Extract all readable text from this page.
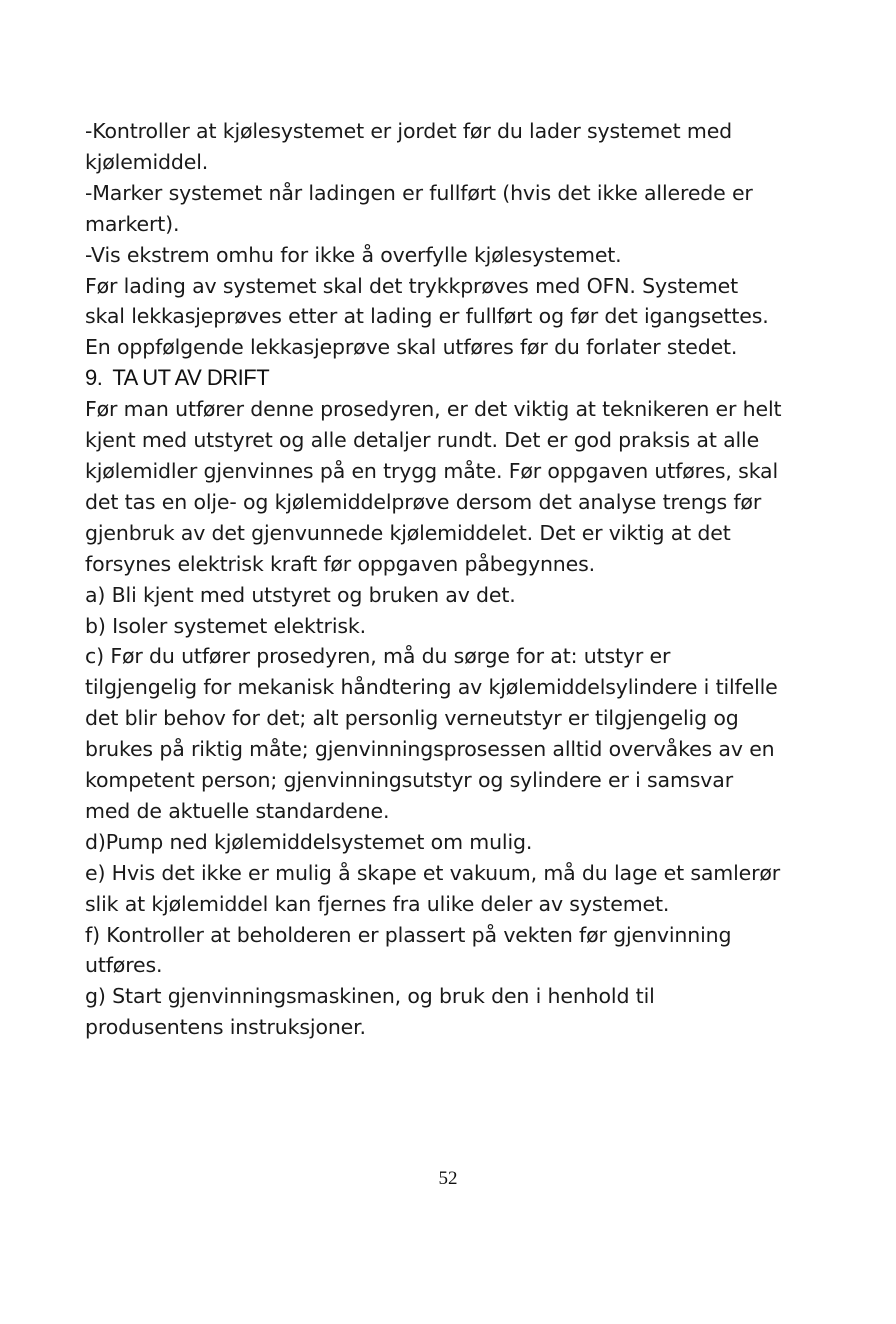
-Kontroller at kjølesystemet er jordet før du lader systemet med

kjølemiddel.

-Marker systemet når ladingen er fullført (hvis det ikke allerede er

markert).

-Vis ekstrem omhu for ikke å overfylle kjølesystemet.

Før lading av systemet skal det trykkprøves med OFN. Systemet

skal lekkasjeprøves etter at lading er fullført og før det igangsettes.

En oppfølgende lekkasjeprøve skal utføres før du forlater stedet.

9. TA UT AV DRIFT

Før man utfører denne prosedyren, er det viktig at teknikeren er helt

kjent med utstyret og alle detaljer rundt. Det er god praksis at alle

kjølemidler gjenvinnes på en trygg måte. Før oppgaven utføres, skal

det tas en olje- og kjølemiddelprøve dersom det analyse trengs før

gjenbruk av det gjenvunnede kjølemiddelet. Det er viktig at det

forsynes elektrisk kraft før oppgaven påbegynnes.

a) Bli kjent med utstyret og bruken av det.

b) Isoler systemet elektrisk.

c) Før du utfører prosedyren, må du sørge for at: utstyr er

tilgjengelig for mekanisk håndtering av kjølemiddelsylindere i tilfelle

det blir behov for det; alt personlig verneutstyr er tilgjengelig og

brukes på riktig måte; gjenvinningsprosessen alltid overvåkes av en

kompetent person; gjenvinningsutstyr og sylindere er i samsvar

med de aktuelle standardene.

d)Pump ned kjølemiddelsystemet om mulig.

e) Hvis det ikke er mulig å skape et vakuum, må du lage et samlerør

slik at kjølemiddel kan fjernes fra ulike deler av systemet.

f) Kontroller at beholderen er plassert på vekten før gjenvinning

utføres.

g) Start gjenvinningsmaskinen, og bruk den i henhold til

produsentens instruksjoner.

52
